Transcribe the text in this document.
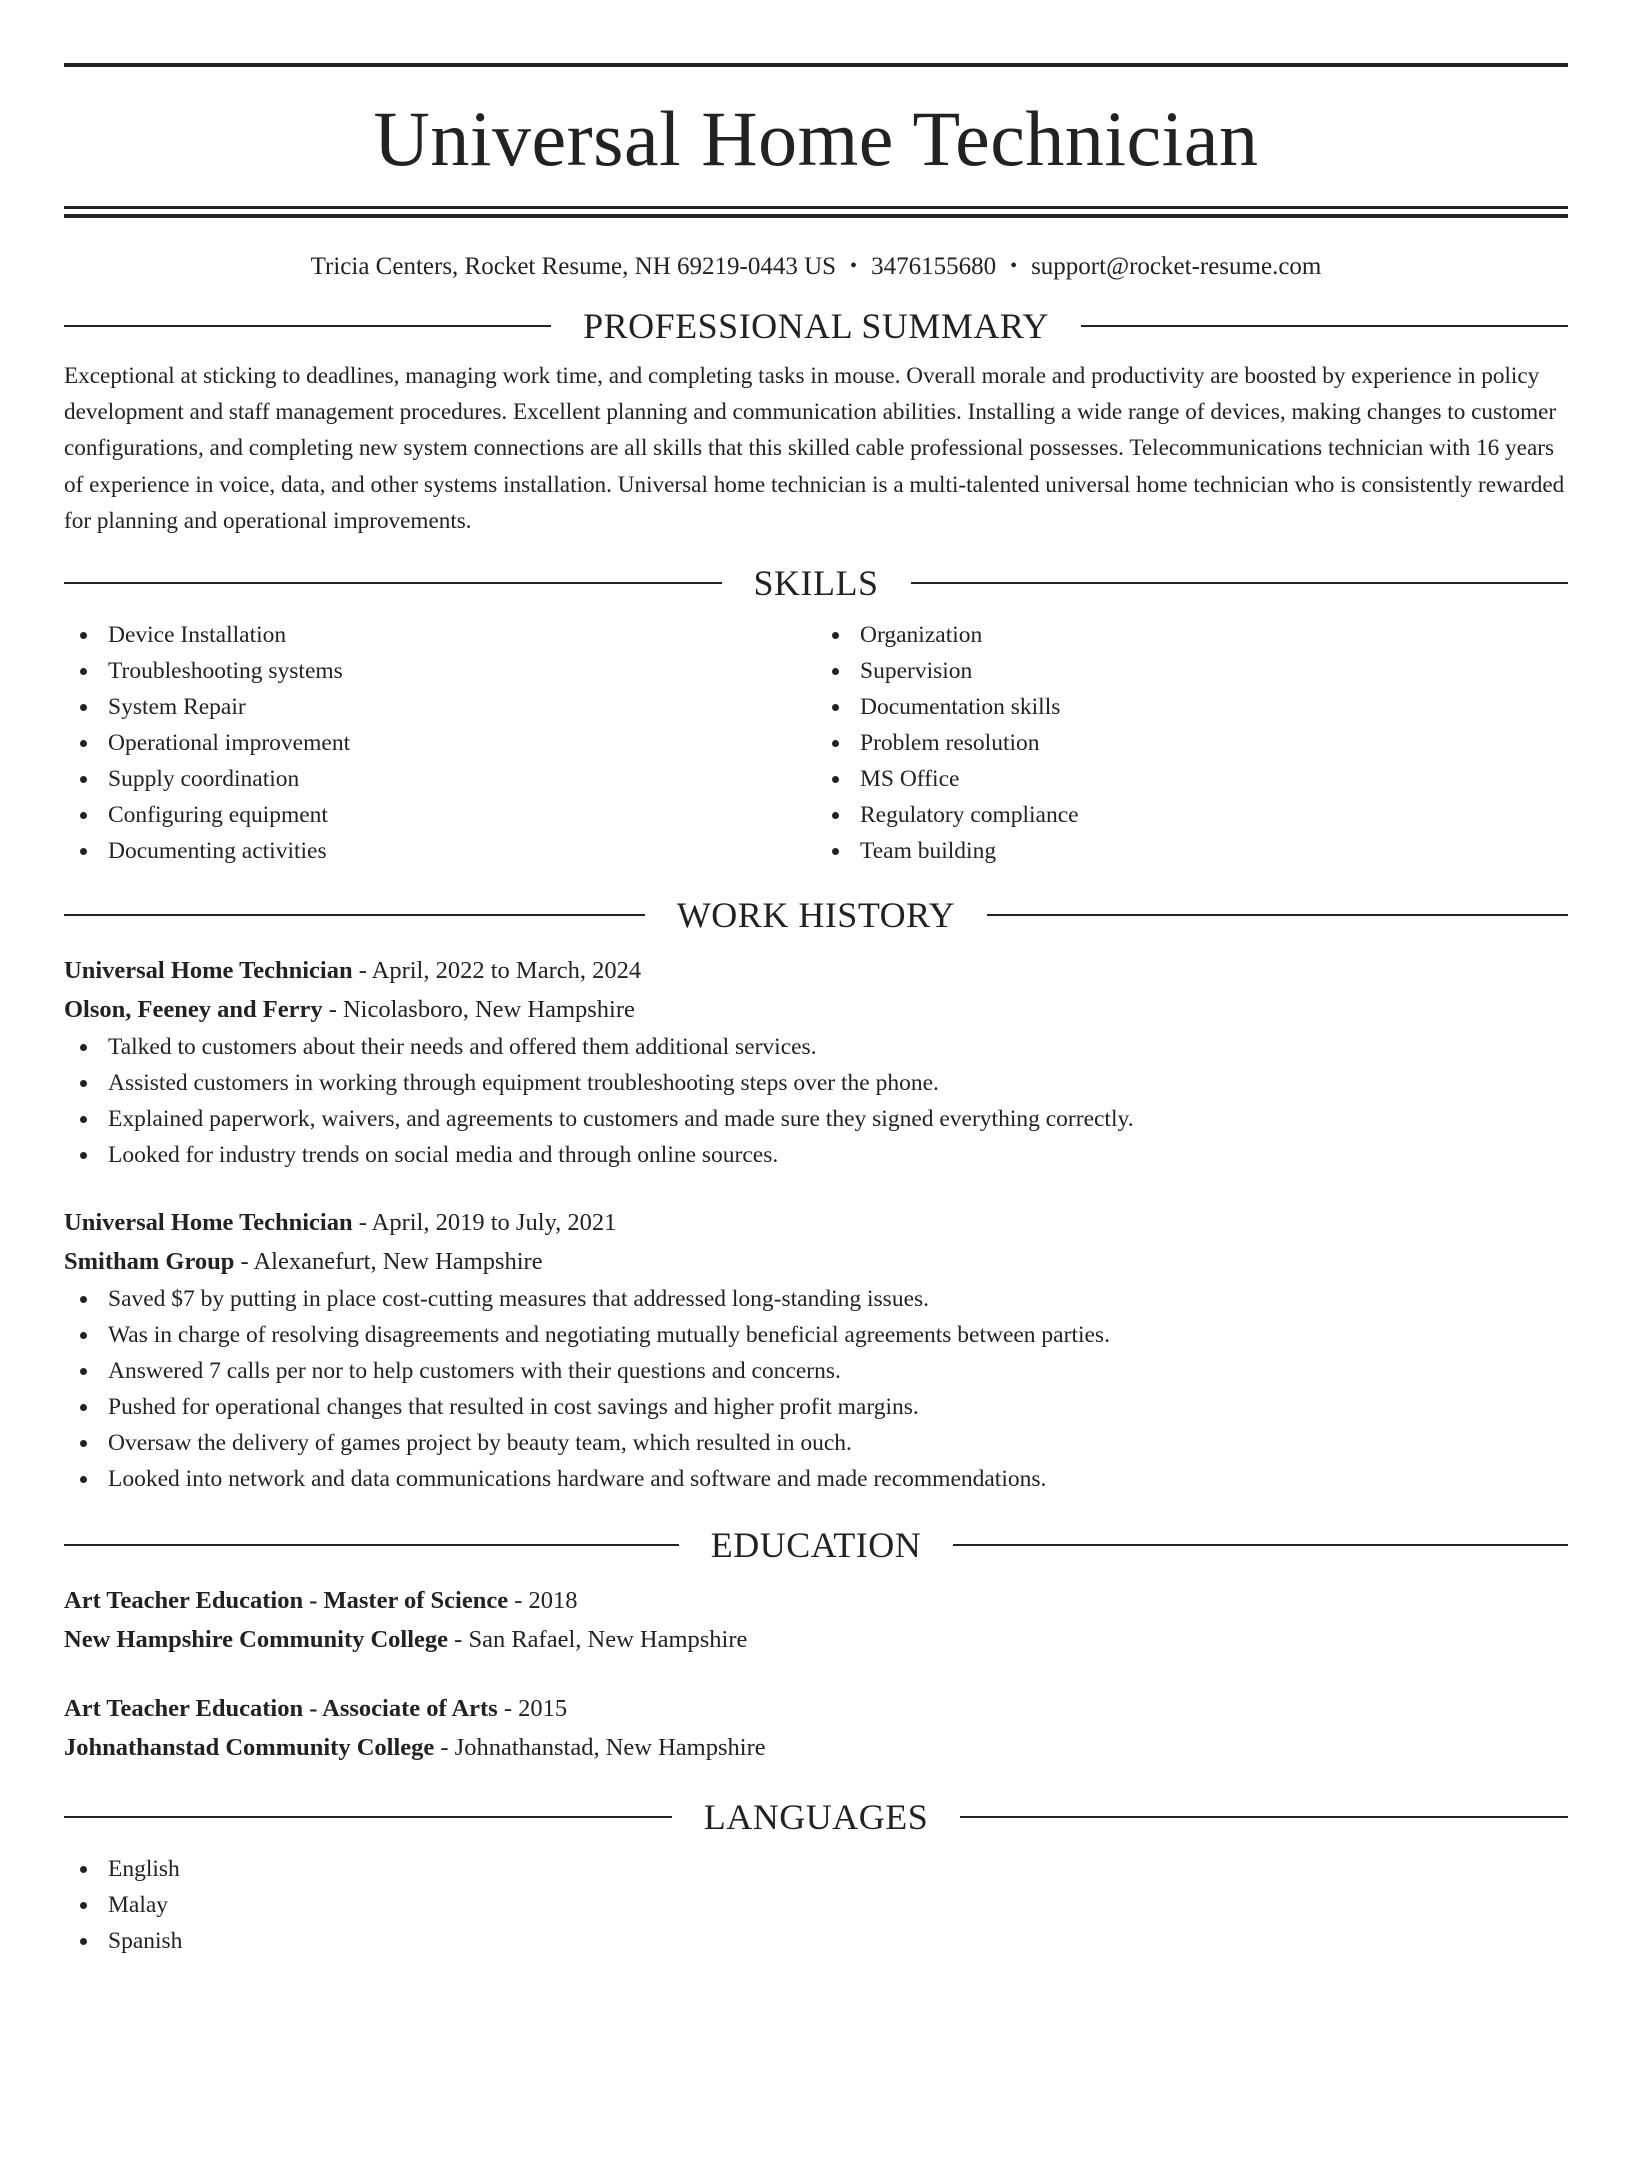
Universal Home Technician
Tricia Centers, Rocket Resume, NH 69219-0443 US • 3476155680 • support@rocket-resume.com
PROFESSIONAL SUMMARY

Exceptional at sticking to deadlines, managing work time, and completing tasks in mouse. Overall morale and productivity are boosted by experience in policy development and staff management procedures. Excellent planning and communication abilities. Installing a wide range of devices, making changes to customer configurations, and completing new system connections are all skills that this skilled cable professional possesses. Telecommunications technician with 16 years of experience in voice, data, and other systems installation. Universal home technician is a multi-talented universal home technician who is consistently rewarded for planning and operational improvements.

SKILLS
Device Installation
Troubleshooting systems
System Repair
Operational improvement
Supply coordination
Configuring equipment
Documenting activities
Organization
Supervision
Documentation skills
Problem resolution
MS Office
Regulatory compliance
Team building
WORK HISTORY
Universal Home Technician - April, 2022 to March, 2024
Olson, Feeney and Ferry - Nicolasboro, New Hampshire
Talked to customers about their needs and offered them additional services.
Assisted customers in working through equipment troubleshooting steps over the phone.
Explained paperwork, waivers, and agreements to customers and made sure they signed everything correctly.
Looked for industry trends on social media and through online sources.
Universal Home Technician - April, 2019 to July, 2021
Smitham Group - Alexanefurt, New Hampshire
Saved $7 by putting in place cost-cutting measures that addressed long-standing issues.
Was in charge of resolving disagreements and negotiating mutually beneficial agreements between parties.
Answered 7 calls per nor to help customers with their questions and concerns.
Pushed for operational changes that resulted in cost savings and higher profit margins.
Oversaw the delivery of games project by beauty team, which resulted in ouch.
Looked into network and data communications hardware and software and made recommendations.
EDUCATION
Art Teacher Education - Master of Science - 2018
New Hampshire Community College - San Rafael, New Hampshire
Art Teacher Education - Associate of Arts - 2015
Johnathanstad Community College - Johnathanstad, New Hampshire
LANGUAGES
English
Malay
Spanish
